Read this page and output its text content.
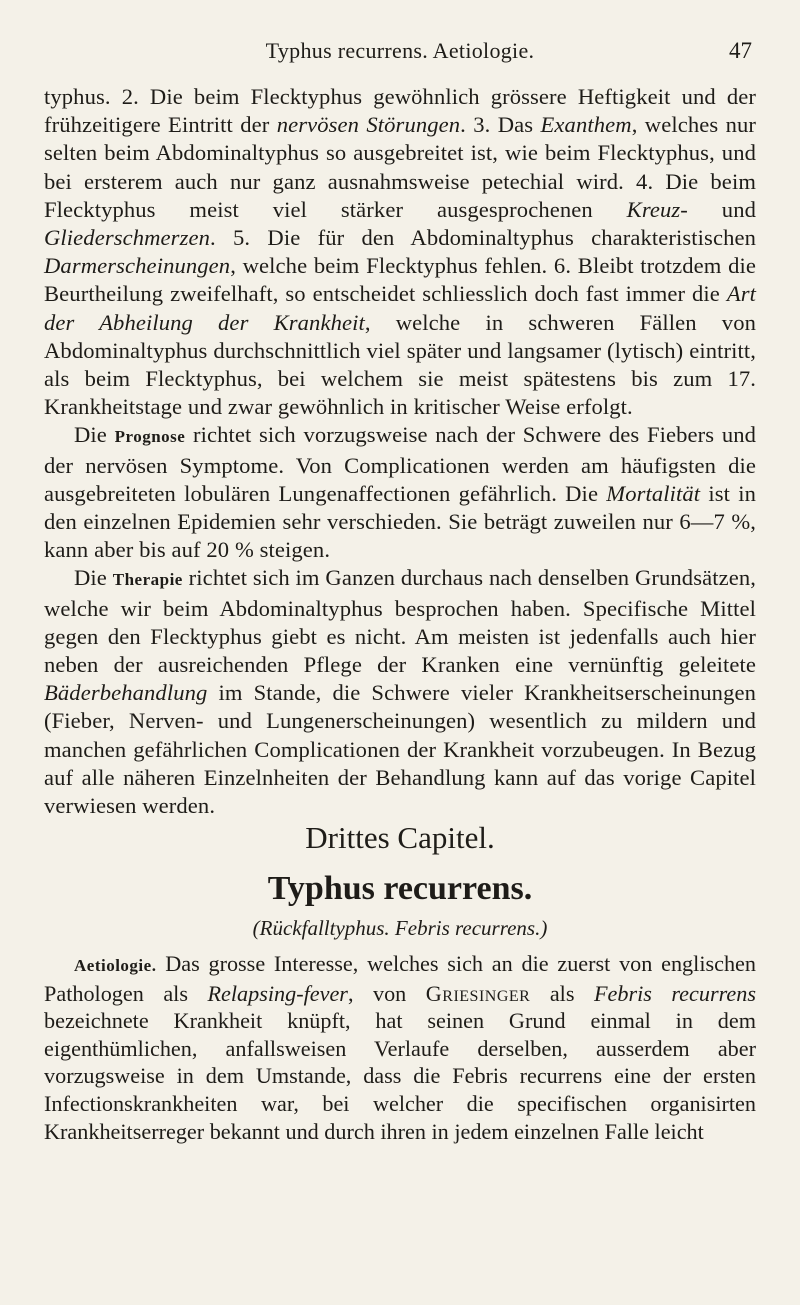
Typhus recurrens. Aetiologie.	47

typhus. 2. Die beim Flecktyphus gewöhnlich grössere Heftigkeit und der frühzeitigere Eintritt der nervösen Störungen. 3. Das Exanthem, welches nur selten beim Abdominaltyphus so ausgebreitet ist, wie beim Flecktyphus, und bei ersterem auch nur ganz ausnahmsweise petechial wird. 4. Die beim Flecktyphus meist viel stärker ausgesprochenen Kreuz- und Gliederschmerzen. 5. Die für den Abdominaltyphus charakteristischen Darmerscheinungen, welche beim Flecktyphus fehlen. 6. Bleibt trotzdem die Beurtheilung zweifelhaft, so entscheidet schliesslich doch fast immer die Art der Abheilung der Krankheit, welche in schweren Fällen von Abdominaltyphus durchschnittlich viel später und langsamer (lytisch) eintritt, als beim Flecktyphus, bei welchem sie meist spätestens bis zum 17. Krankheitstage und zwar gewöhnlich in kritischer Weise erfolgt.

Die Prognose richtet sich vorzugsweise nach der Schwere des Fiebers und der nervösen Symptome. Von Complicationen werden am häufigsten die ausgebreiteten lobulären Lungenaffectionen gefährlich. Die Mortalität ist in den einzelnen Epidemien sehr verschieden. Sie beträgt zuweilen nur 6—7 %, kann aber bis auf 20 % steigen.

Die Therapie richtet sich im Ganzen durchaus nach denselben Grundsätzen, welche wir beim Abdominaltyphus besprochen haben. Specifische Mittel gegen den Flecktyphus giebt es nicht. Am meisten ist jedenfalls auch hier neben der ausreichenden Pflege der Kranken eine vernünftig geleitete Bäderbehandlung im Stande, die Schwere vieler Krankheitserscheinungen (Fieber, Nerven- und Lungenerscheinungen) wesentlich zu mildern und manchen gefährlichen Complicationen der Krankheit vorzubeugen. In Bezug auf alle näheren Einzelnheiten der Behandlung kann auf das vorige Capitel verwiesen werden.

Drittes Capitel.
Typhus recurrens.
(Rückfalltyphus. Febris recurrens.)

Aetiologie. Das grosse Interesse, welches sich an die zuerst von englischen Pathologen als Relapsing-fever, von Griesinger als Febris recurrens bezeichnete Krankheit knüpft, hat seinen Grund einmal in dem eigenthümlichen, anfallsweisen Verlaufe derselben, ausserdem aber vorzugsweise in dem Umstande, dass die Febris recurrens eine der ersten Infectionskrankheiten war, bei welcher die specifischen organisirten Krankheitserreger bekannt und durch ihren in jedem einzelnen Falle leicht
